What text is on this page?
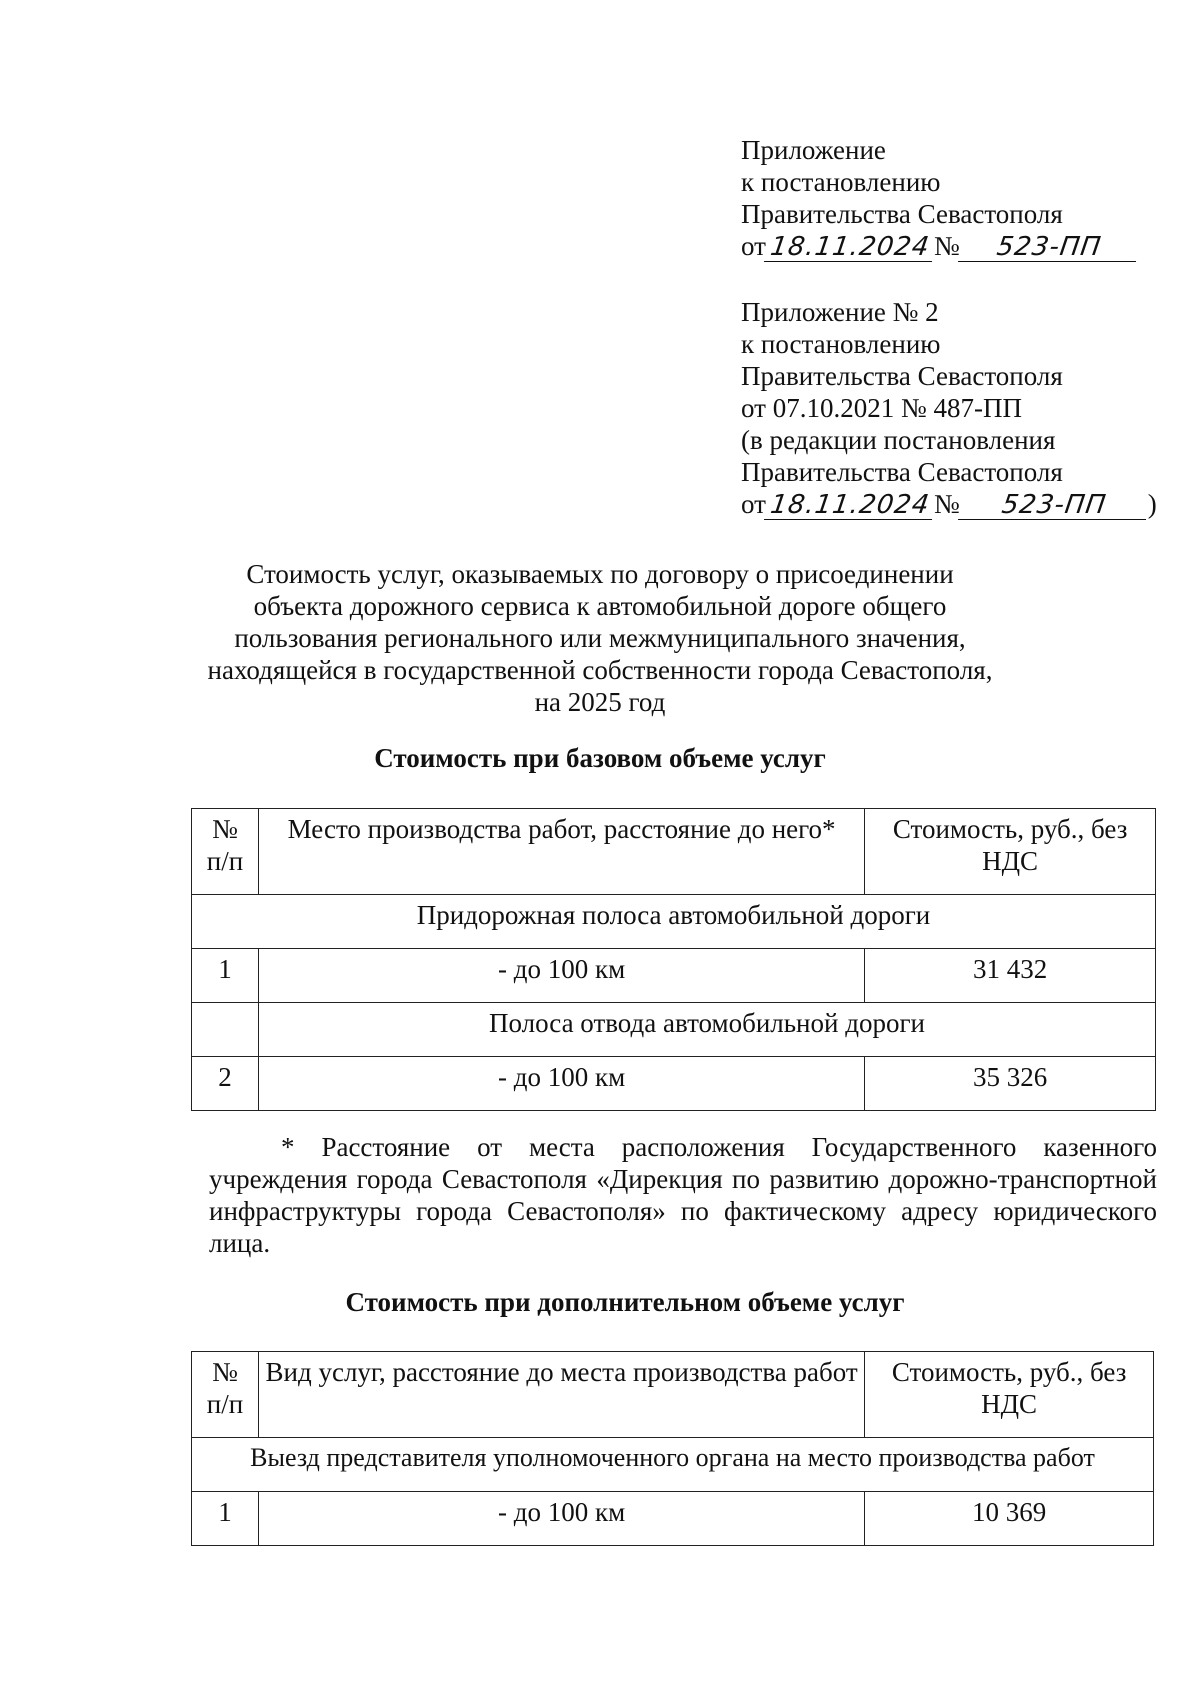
Приложение
к постановлению
Правительства Севастополя
от18.11.2024№ 523-ПП
Приложение № 2
к постановлению
Правительства Севастополя
от 07.10.2021 № 487-ПП
(в редакции постановления
Правительства Севастополя
от18.11.2024№ 523-ПП )
Стоимость услуг, оказываемых по договору о присоединении
объекта дорожного сервиса к автомобильной дороге общего
пользования регионального или межмуниципального значения,
находящейся в государственной собственности города Севастополя,
на 2025 год
Стоимость при базовом объеме услуг
№ п/п	Место производства работ, расстояние до него*	Стоимость, руб., без НДС
Придорожная полоса автомобильной дороги		
1	- до 100 км	31 432
	Полоса отвода автомобильной дороги	
2	- до 100 км	35 326
* Расстояние от места расположения Государственного казенного учреждения города Севастополя «Дирекция по развитию дорожно-транспортной инфраструктуры города Севастополя» по фактическому адресу юридического лица.
Стоимость при дополнительном объеме услуг
№ п/п	Вид услуг, расстояние до места производства работ	Стоимость, руб., без НДС
Выезд представителя уполномоченного органа на место производства работ		
1	- до 100 км	10 369
